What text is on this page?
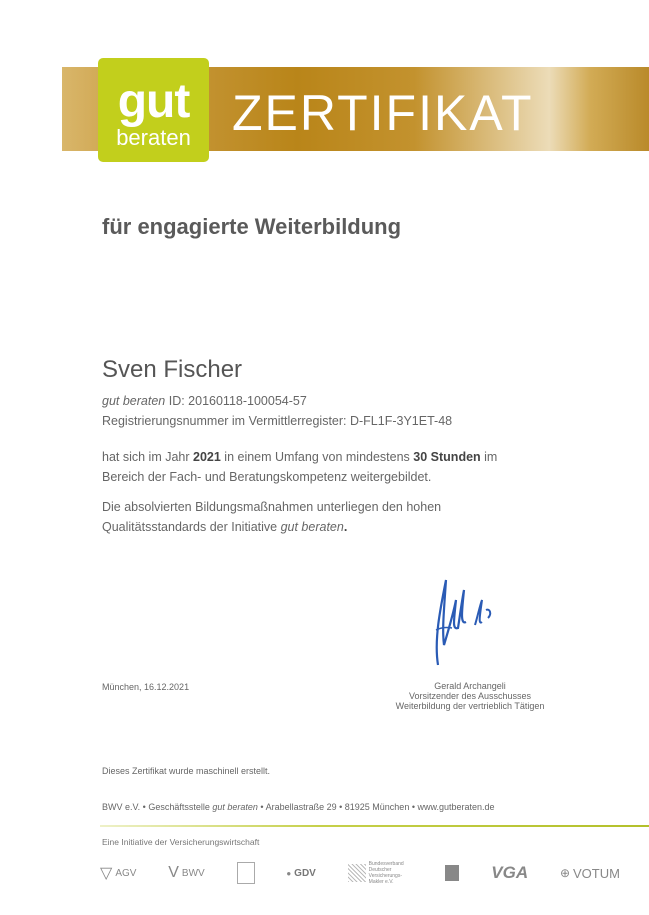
gut
beraten ZERTIFIKAT
für engagierte Weiterbildung
Sven Fischer
gut beraten ID: 20160118-100054-57
Registrierungsnummer im Vermittlerregister: D-FL1F-3Y1ET-48
hat sich im Jahr 2021 in einem Umfang von mindestens 30 Stunden im
Bereich der Fach- und Beratungskompetenz weitergebildet.
Die absolvierten Bildungsmaßnahmen unterliegen den hohen
Qualitätsstandards der Initiative gut beraten.
München, 16.12.2021	Gerald Archangeli
Vorsitzender des Ausschusses
Weiterbildung der vertrieblich Tätigen
Dieses Zertifikat wurde maschinell erstellt.
BWV e.V. • Geschäftsstelle gut beraten • Arabellastraße 29 • 81925 München • www.gutberaten.de
Eine Initiative der Versicherungswirtschaft
▽ AGV V BWV	● GDV
Bundesverband Deutscher Versicherungs-Makler e.V.	VGA	⊕ VOTUM
